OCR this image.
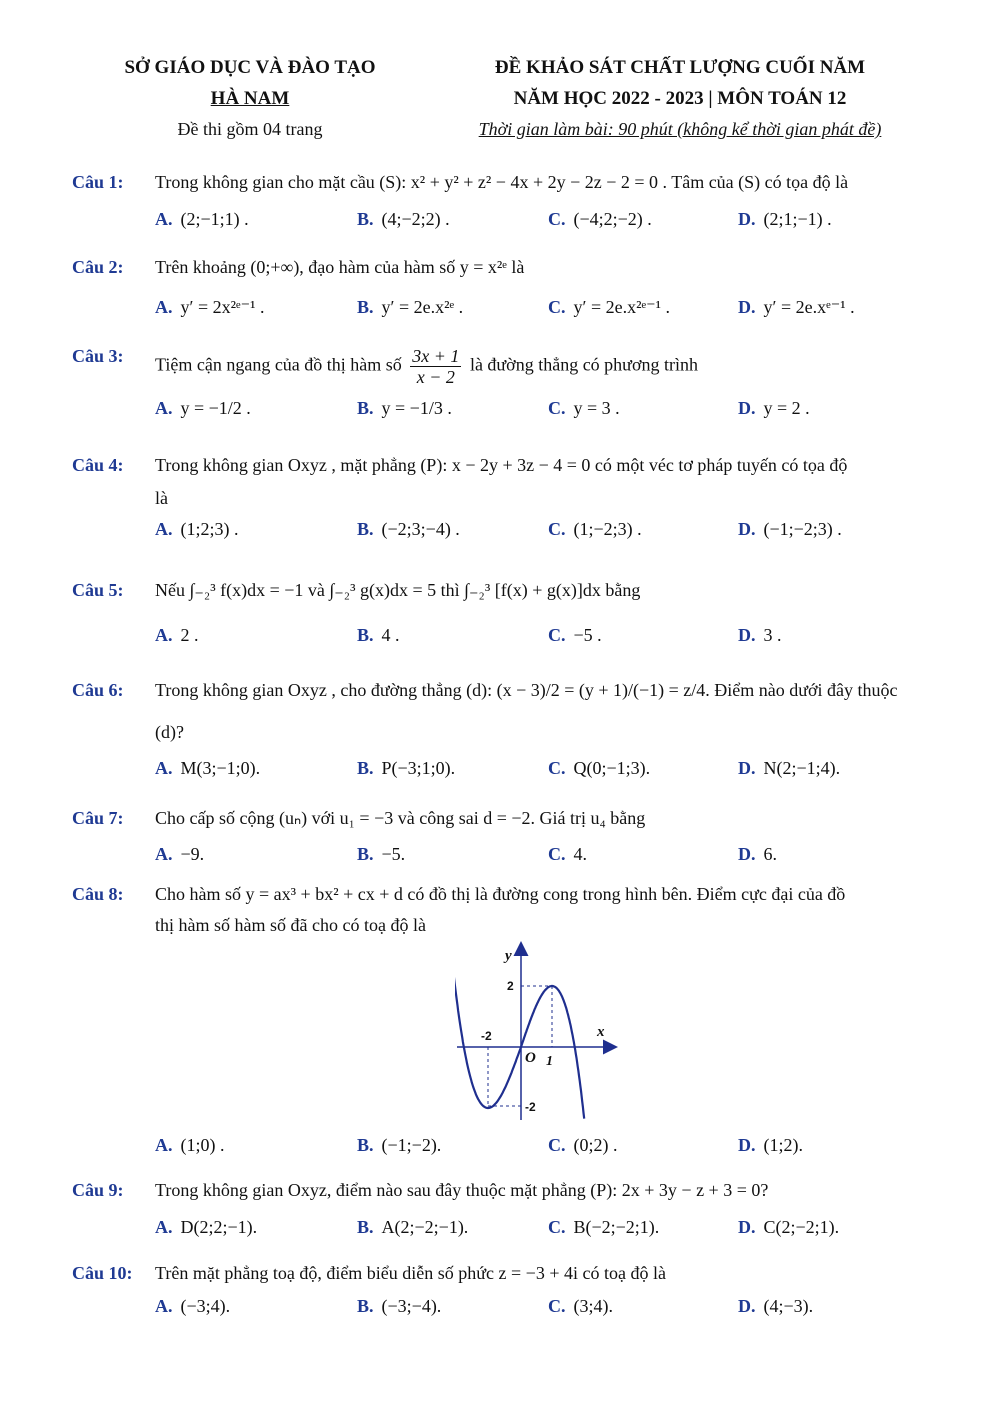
SỞ GIÁO DỤC VÀ ĐÀO TẠO
HÀ NAM
Đề thi gồm 04 trang
ĐỀ KHẢO SÁT CHẤT LƯỢNG CUỐI NĂM
NĂM HỌC 2022 - 2023 | MÔN TOÁN 12
Thời gian làm bài: 90 phút (không kể thời gian phát đề)
Câu 1: Trong không gian cho mặt cầu (S): x² + y² + z² − 4x + 2y − 2z − 2 = 0 . Tâm của (S) có tọa độ là
A. (2;−1;1) .	B. (4;−2;2) .	C. (−4;2;−2) .	D. (2;1;−1) .
Câu 2: Trên khoảng (0;+∞), đạo hàm của hàm số y = x²ᵉ là
A. y′ = 2x²ᵉ⁻¹ .	B. y′ = 2e.x²ᵉ .	C. y′ = 2e.x²ᵉ⁻¹ .	D. y′ = 2e.xᵉ⁻¹ .
Câu 3: Tiệm cận ngang của đồ thị hàm số $\frac{3x + 1}{x - 2}$ là đường thẳng có phương trình
A. y = −1/2 .	B. y = −1/3 .	C. y = 3 .	D. y = 2 .
Câu 4: Trong không gian Oxyz , mặt phẳng (P): x − 2y + 3z − 4 = 0 có một véc tơ pháp tuyến có tọa độ
là
A. (1;2;3) .	B. (−2;3;−4) .	C. (1;−2;3) .	D. (−1;−2;3) .
Câu 5: Nếu ∫₋₂³ f(x)dx = −1 và ∫₋₂³ g(x)dx = 5 thì ∫₋₂³ [f(x) + g(x)]dx bằng
A. 2 .	B. 4 .	C. −5 .	D. 3 .
Câu 6: Trong không gian Oxyz , cho đường thẳng (d): (x − 3)/2 = (y + 1)/(−1) = z/4. Điểm nào dưới đây thuộc
(d)?
A. M(3;−1;0).	B. P(−3;1;0).	C. Q(0;−1;3).	D. N(2;−1;4).
Câu 7: Cho cấp số cộng (uₙ) với u₁ = −3 và công sai d = −2. Giá trị u₄ bằng
A. −9.	B. −5.	C. 4.	D. 6.
Câu 8: Cho hàm số y = ax³ + bx² + cx + d có đồ thị là đường cong trong hình bên. Điểm cực đại của đồ
thị hàm số hàm số đã cho có toạ độ là
A. (1;0) .	B. (−1;−2).	C. (0;2) .	D. (1;2).
y
x
O 1
-2
2
-2
Câu 9: Trong không gian Oxyz, điểm nào sau đây thuộc mặt phẳng (P): 2x + 3y − z + 3 = 0?
A. D(2;2;−1).	B. A(2;−2;−1).	C. B(−2;−2;1).	D. C(2;−2;1).
Câu 10: Trên mặt phẳng toạ độ, điểm biểu diễn số phức z = −3 + 4i có toạ độ là
A. (−3;4).	B. (−3;−4).	C. (3;4).	D. (4;−3).
